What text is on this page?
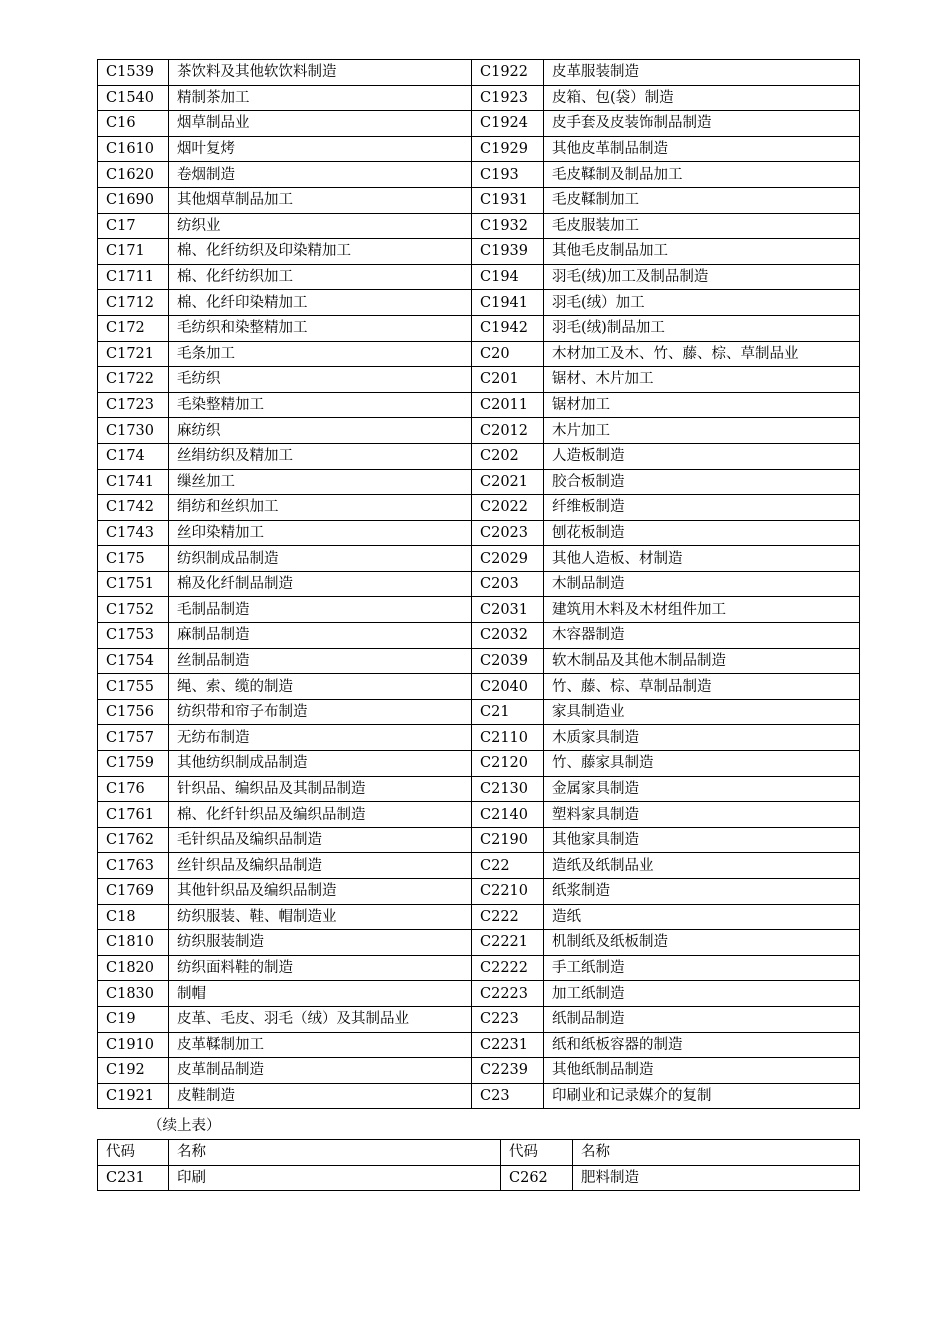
C1539	茶饮料及其他软饮料制造	C1922	皮革服装制造
C1540	精制茶加工	C1923	皮箱、包(袋）制造
C16	烟草制品业	C1924	皮手套及皮装饰制品制造
C1610	烟叶复烤	C1929	其他皮革制品制造
C1620	卷烟制造	C193	毛皮鞣制及制品加工
C1690	其他烟草制品加工	C1931	毛皮鞣制加工
C17	纺织业	C1932	毛皮服装加工
C171	棉、化纤纺织及印染精加工	C1939	其他毛皮制品加工
C1711	棉、化纤纺织加工	C194	羽毛(绒)加工及制品制造
C1712	棉、化纤印染精加工	C1941	羽毛(绒）加工
C172	毛纺织和染整精加工	C1942	羽毛(绒)制品加工
C1721	毛条加工	C20	木材加工及木、竹、藤、棕、草制品业
C1722	毛纺织	C201	锯材、木片加工
C1723	毛染整精加工	C2011	锯材加工
C1730	麻纺织	C2012	木片加工
C174	丝绢纺织及精加工	C202	人造板制造
C1741	缫丝加工	C2021	胶合板制造
C1742	绢纺和丝织加工	C2022	纤维板制造
C1743	丝印染精加工	C2023	刨花板制造
C175	纺织制成品制造	C2029	其他人造板、材制造
C1751	棉及化纤制品制造	C203	木制品制造
C1752	毛制品制造	C2031	建筑用木料及木材组件加工
C1753	麻制品制造	C2032	木容器制造
C1754	丝制品制造	C2039	软木制品及其他木制品制造
C1755	绳、索、缆的制造	C2040	竹、藤、棕、草制品制造
C1756	纺织带和帘子布制造	C21	家具制造业
C1757	无纺布制造	C2110	木质家具制造
C1759	其他纺织制成品制造	C2120	竹、藤家具制造
C176	针织品、编织品及其制品制造	C2130	金属家具制造
C1761	棉、化纤针织品及编织品制造	C2140	塑料家具制造
C1762	毛针织品及编织品制造	C2190	其他家具制造
C1763	丝针织品及编织品制造	C22	造纸及纸制品业
C1769	其他针织品及编织品制造	C2210	纸浆制造
C18	纺织服装、鞋、帽制造业	C222	造纸
C1810	纺织服装制造	C2221	机制纸及纸板制造
C1820	纺织面料鞋的制造	C2222	手工纸制造
C1830	制帽	C2223	加工纸制造
C19	皮革、毛皮、羽毛（绒）及其制品业	C223	纸制品制造
C1910	皮革鞣制加工	C2231	纸和纸板容器的制造
C192	皮革制品制造	C2239	其他纸制品制造
C1921	皮鞋制造	C23	印刷业和记录媒介的复制
（续上表）
代码	名称	代码	名称
C231	印刷	C262	肥料制造
